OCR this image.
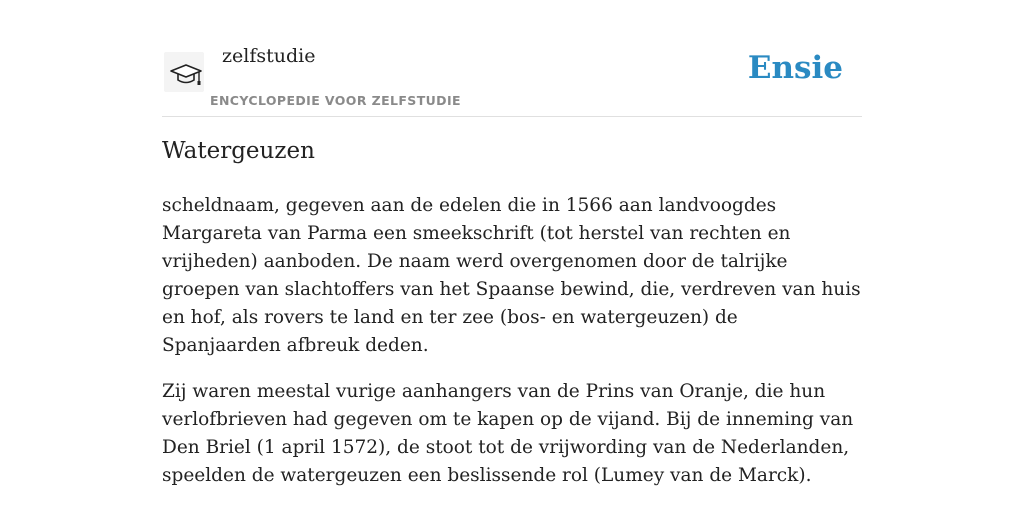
zelfstudie
ENCYCLOPEDIE VOOR ZELFSTUDIE
Ensie
Watergeuzen

scheldnaam, gegeven aan de edelen die in 1566 aan landvoogdes Margareta van Parma een smeekschrift (tot herstel van rechten en vrijheden) aanboden. De naam werd overgenomen door de talrijke groepen van slachtoffers van het Spaanse bewind, die, verdreven van huis en hof, als rovers te land en ter zee (bos- en watergeuzen) de Spanjaarden afbreuk deden.

Zij waren meestal vurige aanhangers van de Prins van Oranje, die hun verlofbrieven had gegeven om te kapen op de vijand. Bij de inneming van Den Briel (1 april 1572), de stoot tot de vrijwording van de Nederlanden, speelden de watergeuzen een beslissende rol (Lumey van de Marck).
